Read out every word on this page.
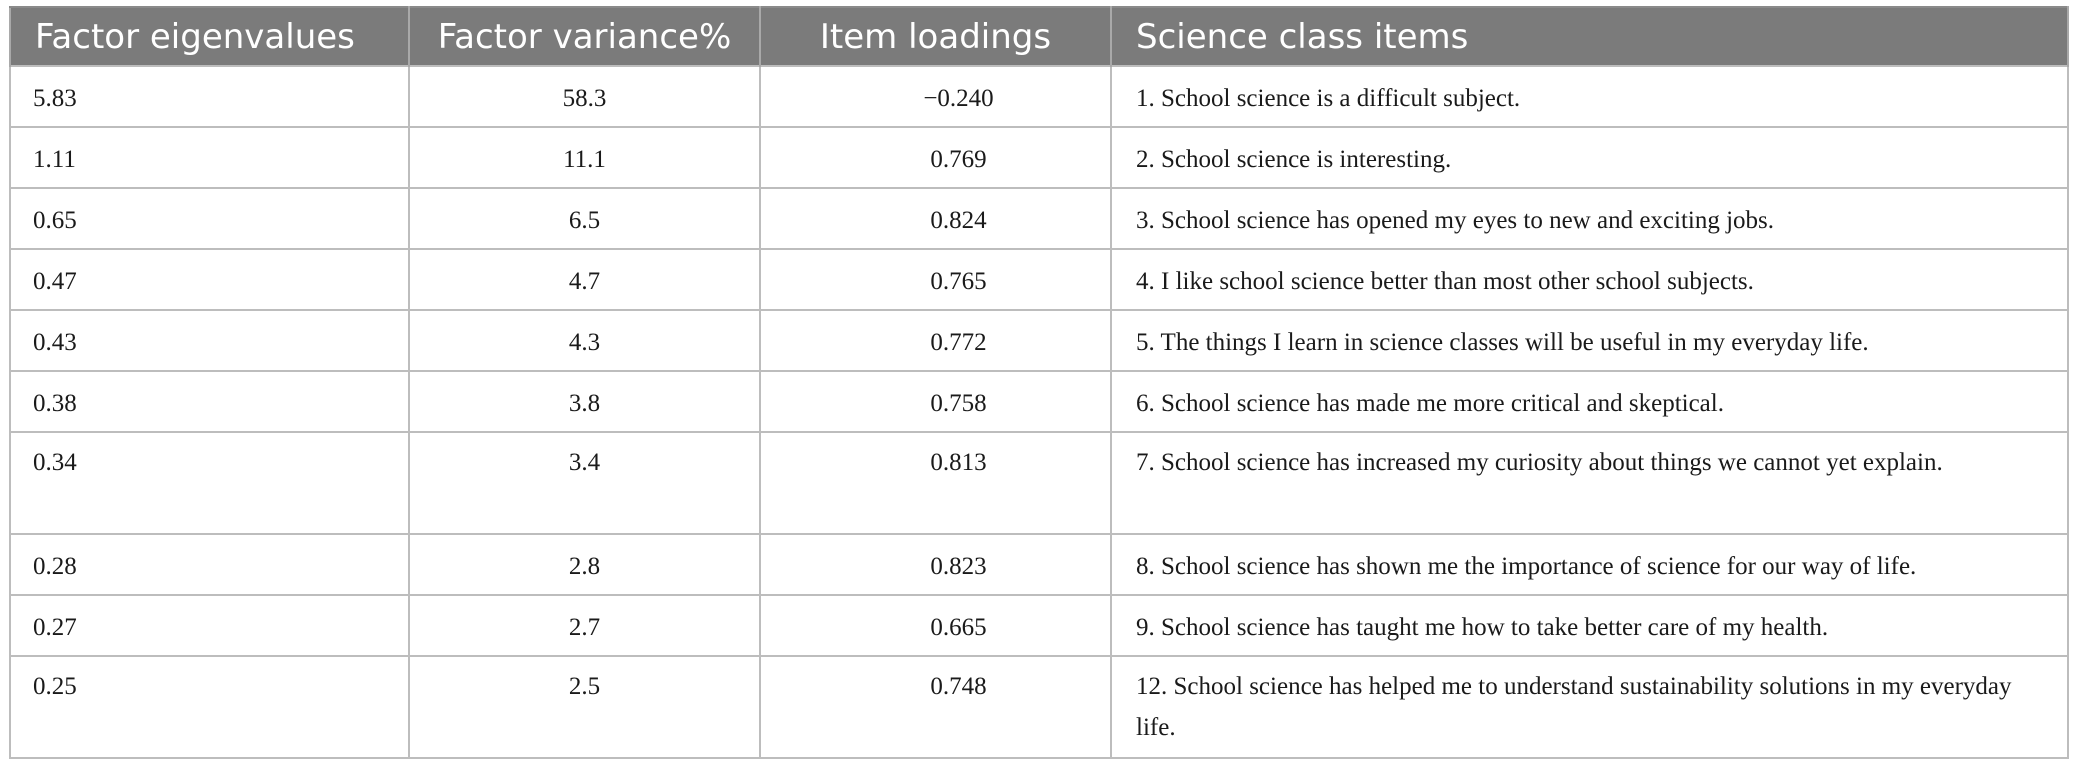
Factor eigenvalues	Factor variance%	Item loadings	Science class items

5.83	58.3	−0.240	1. School science is a difficult subject.

1.11	11.1	0.769	2. School science is interesting.

0.65	6.5	0.824	3. School science has opened my eyes to new and exciting jobs.

0.47	4.7	0.765	4. I like school science better than most other school subjects.

0.43	4.3	0.772	5. The things I learn in science classes will be useful in my everyday life.

0.38	3.8	0.758	6. School science has made me more critical and skeptical.

0.34	3.4	0.813	7. School science has increased my curiosity about things we cannot yet explain.

0.28	2.8	0.823	8. School science has shown me the importance of science for our way of life.

0.27	2.7	0.665	9. School science has taught me how to take better care of my health.

0.25	2.5	0.748	12. School science has helped me to understand sustainability solutions in my everyday life.
